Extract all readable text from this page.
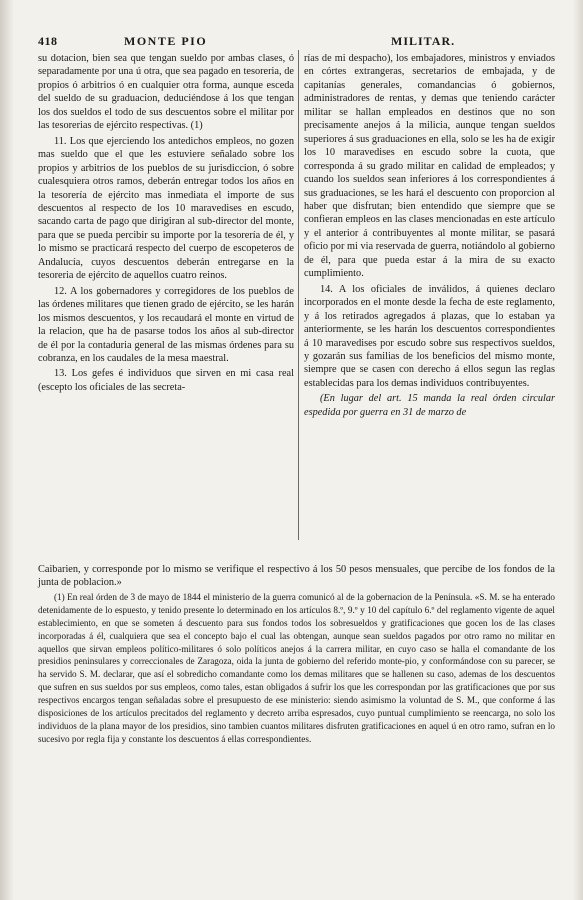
418	MONTE PIO	MILITAR.

su dotacion, bien sea que tengan sueldo por ambas clases, ó separadamente por una ú otra, que sea pagado en tesoreria, de propios ó arbitrios ó en cualquier otra forma, aunque esceda del sueldo de su graduacion, deduciéndose á los que tengan los dos sueldos el todo de sus descuentos sobre el militar por las tesorerias de ejército respectivas. (1)

11. Los que ejerciendo los antedichos empleos, no gozen mas sueldo que el que les estuviere señalado sobre los propios y arbitrios de los pueblos de su jurisdiccion, ó sobre cualesquiera otros ramos, deberán entregar todos los años en la tesorería de ejército mas inmediata el importe de sus descuentos al respecto de los 10 maravedises en escudo, sacando carta de pago que dirigiran al sub-director del monte, para que se pueda percibir su importe por la tesorería de él, y lo mismo se practicará respecto del cuerpo de escopeteros de Andalucía, cuyos descuentos deberán entregarse en la tesoreria de ejército de aquellos cuatro reinos.

12. A los gobernadores y corregidores de los pueblos de las órdenes militares que tienen grado de ejército, se les harán los mismos descuentos, y los recaudará el monte en virtud de la relacion, que ha de pasarse todos los años al sub-director de él por la contaduria general de las mismas órdenes para su cobranza, en los caudales de la mesa maestral.

13. Los gefes é individuos que sirven en mi casa real (escepto los oficiales de las secreta-

rías de mi despacho), los embajadores, ministros y enviados en córtes extrangeras, secretarios de embajada, y de capitanías generales, comandancias ó gobiernos, administradores de rentas, y demas que teniendo carácter militar se hallan empleados en destinos que no son precisamente anejos á la milicia, aunque tengan sueldos superiores á sus graduaciones en ella, solo se les ha de exigir los 10 maravedises en escudo sobre la cuota, que corresponda á su grado militar en calidad de empleados; y cuando los sueldos sean inferiores á los correspondientes á sus graduaciones, se les hará el descuento con proporcion al haber que disfrutan; bien entendido que siempre que se confieran empleos en las clases mencionadas en este artículo y el anterior á contribuyentes al monte militar, se pasará oficio por mi via reservada de guerra, notiándolo al gobierno de él, para que pueda estar á la mira de su exacto cumplimiento.

14. A los oficiales de inválidos, á quienes declaro incorporados en el monte desde la fecha de este reglamento, y á los retirados agregados á plazas, que lo estaban ya anteriormente, se les harán los descuentos correspondientes á 10 maravedises por escudo sobre sus respectivos sueldos, y gozarán sus familias de los beneficios del mismo monte, siempre que se casen con derecho á ellos segun las reglas establecidas para los demas individuos contribuyentes.

(En lugar del art. 15 manda la real órden circular espedida por guerra en 31 de marzo de

Caibarien, y corresponde por lo mismo se verifique el respectivo á los 50 pesos mensuales, que percibe de los fondos de la junta de poblacion.»

(1) En real órden de 3 de mayo de 1844 el ministerio de la guerra comunicó al de la gobernacion de la Península. «S. M. se ha enterado detenidamente de lo espuesto, y tenido presente lo determinado en los artículos 8.º, 9.º y 10 del capítulo 6.º del reglamento vigente de aquel establecimiento, en que se someten á descuento para sus fondos todos los sobresueldos y gratificaciones que gocen los de las clases incorporadas á él, cualquiera que sea el concepto bajo el cual las obtengan, aunque sean sueldos pagados por otro ramo no militar en aquellos que sirvan empleos político-militares ó solo políticos anejos á la carrera militar, en cuyo caso se halla el comandante de los presidios peninsulares y correccionales de Zaragoza, oida la junta de gobierno del referido monte-pio, y conformándose con su parecer, se ha servido S. M. declarar, que así el sobredicho comandante como los demas militares que se hallenen su caso, ademas de los descuentos que sufren en sus sueldos por sus empleos, como tales, estan obligados á sufrir los que les correspondan por las gratificaciones que por sus respectivos encargos tengan señaladas sobre el presupuesto de ese ministerio: siendo asimismo la voluntad de S. M., que conforme á las disposiciones de los artículos precitados del reglamento y decreto arriba espresados, cuyo puntual cumplimiento se reencarga, no solo los individuos de la plana mayor de los presidios, sino tambien cuantos militares disfruten gratificaciones en aquel ú en otro ramo, sufran en lo sucesivo por regla fija y constante los descuentos á ellas correspondientes.
